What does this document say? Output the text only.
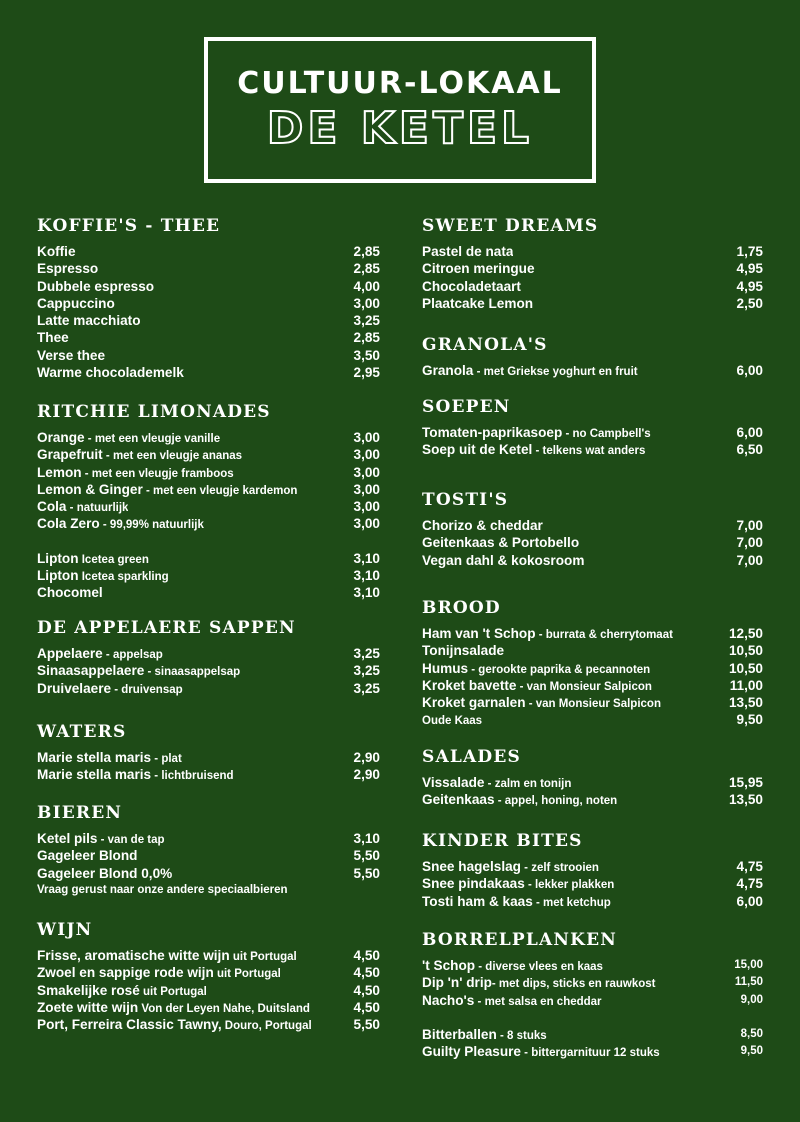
CULTUUR-LOKAAL
DE KETEL
KOFFIE'S - THEE
Koffie	2,85
Espresso	2,85
Dubbele espresso	4,00
Cappuccino	3,00
Latte macchiato	3,25
Thee	2,85
Verse thee	3,50
Warme chocolademelk	2,95
RITCHIE LIMONADES
Orange - met een vleugje vanille	3,00
Grapefruit - met een vleugje ananas	3,00
Lemon - met een vleugje framboos	3,00
Lemon & Ginger - met een vleugje kardemon	3,00
Cola - natuurlijk	3,00
Cola Zero - 99,99% natuurlijk	3,00
Lipton Icetea green	3,10
Lipton Icetea sparkling	3,10
Chocomel	3,10
DE APPELAERE SAPPEN
Appelaere - appelsap	3,25
Sinaasappelaere - sinaasappelsap	3,25
Druivelaere - druivensap	3,25
WATERS
Marie stella maris - plat	2,90
Marie stella maris - lichtbruisend	2,90
BIEREN
Ketel pils - van de tap	3,10
Gageleer Blond	5,50
Gageleer Blond 0,0%	5,50
Vraag gerust naar onze andere speciaalbieren
WIJN
Frisse, aromatische witte wijn uit Portugal	4,50
Zwoel en sappige rode wijn uit Portugal	4,50
Smakelijke rosé uit Portugal	4,50
Zoete witte wijn Von der Leyen Nahe, Duitsland	4,50
Port, Ferreira Classic Tawny, Douro, Portugal	5,50
SWEET DREAMS
Pastel de nata	1,75
Citroen meringue	4,95
Chocoladetaart	4,95
Plaatcake Lemon	2,50
GRANOLA'S
Granola - met Griekse yoghurt en fruit	6,00
SOEPEN
Tomaten-paprikasoep - no Campbell's	6,00
Soep uit de Ketel - telkens wat anders	6,50
TOSTI'S
Chorizo & cheddar	7,00
Geitenkaas & Portobello	7,00
Vegan dahl & kokosroom	7,00
BROOD
Ham van 't Schop - burrata & cherrytomaat	12,50
Tonijnsalade	10,50
Humus - gerookte paprika & pecannoten	10,50
Kroket bavette - van Monsieur Salpicon	11,00
Kroket garnalen - van Monsieur Salpicon	13,50
Oude Kaas	9,50
SALADES
Vissalade - zalm en tonijn	15,95
Geitenkaas - appel, honing, noten	13,50
KINDER BITES
Snee hagelslag - zelf strooien	4,75
Snee pindakaas - lekker plakken	4,75
Tosti ham & kaas - met ketchup	6,00
BORRELPLANKEN
't Schop - diverse vlees en kaas	15,00
Dip 'n' drip- met dips, sticks en rauwkost	11,50
Nacho's - met salsa en cheddar	9,00
Bitterballen - 8 stuks	8,50
Guilty Pleasure - bittergarnituur 12 stuks	9,50
